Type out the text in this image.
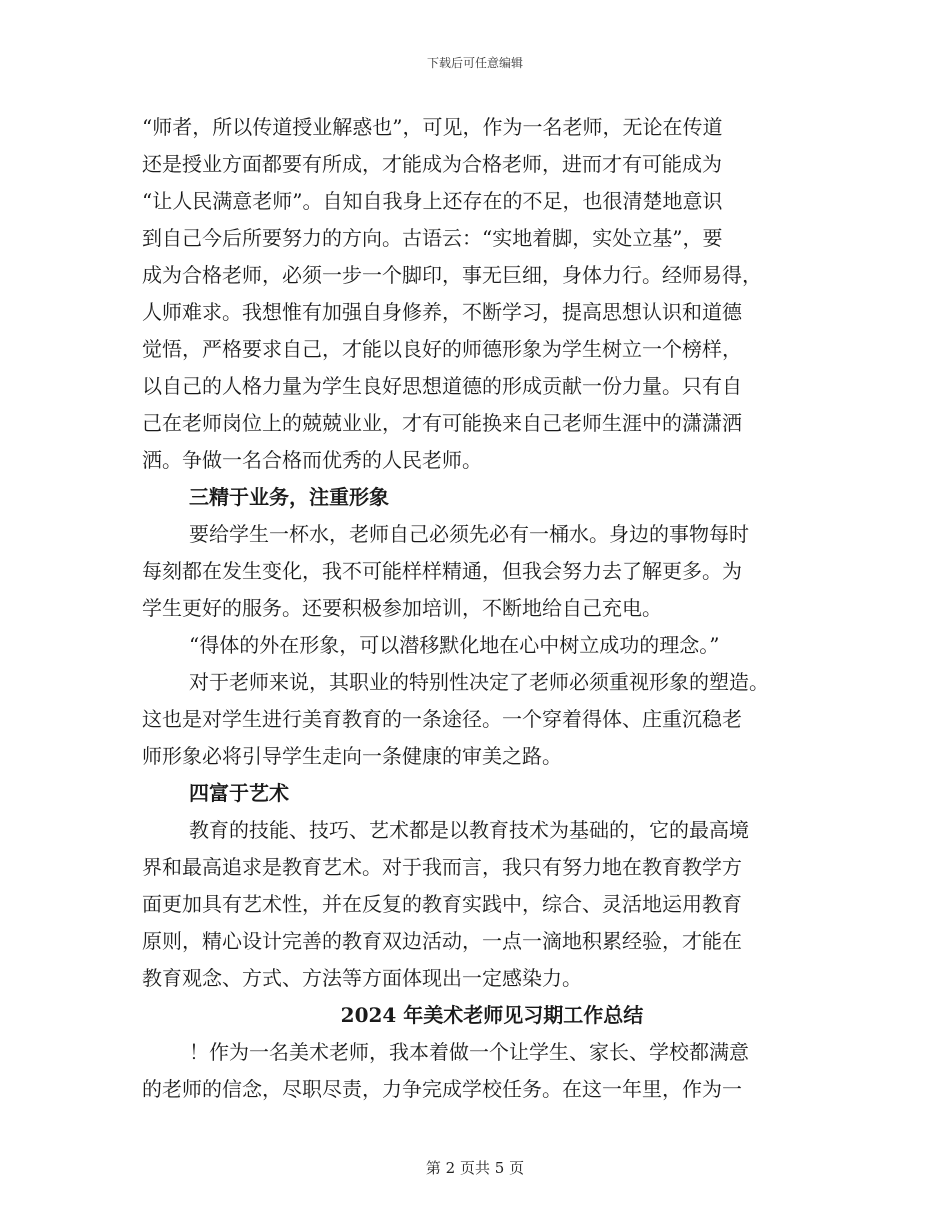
下载后可任意编辑
“师者，所以传道授业解惑也”，可见，作为一名老师，无论在传道
还是授业方面都要有所成，才能成为合格老师，进而才有可能成为
“让人民满意老师”。自知自我身上还存在的不足，也很清楚地意识
到自己今后所要努力的方向。古语云：“实地着脚，实处立基”，要
成为合格老师，必须一步一个脚印，事无巨细，身体力行。经师易得，
人师难求。我想惟有加强自身修养，不断学习，提高思想认识和道德
觉悟，严格要求自己，才能以良好的师德形象为学生树立一个榜样，
以自己的人格力量为学生良好思想道德的形成贡献一份力量。只有自
己在老师岗位上的兢兢业业，才有可能换来自己老师生涯中的潇潇洒
洒。争做一名合格而优秀的人民老师。
三精于业务，注重形象
要给学生一杯水，老师自己必须先必有一桶水。身边的事物每时
每刻都在发生变化，我不可能样样精通，但我会努力去了解更多。为
学生更好的服务。还要积极参加培训，不断地给自己充电。
“得体的外在形象，可以潜移默化地在心中树立成功的理念。”
对于老师来说，其职业的特别性决定了老师必须重视形象的塑造。
这也是对学生进行美育教育的一条途径。一个穿着得体、庄重沉稳老
师形象必将引导学生走向一条健康的审美之路。
四富于艺术
教育的技能、技巧、艺术都是以教育技术为基础的，它的最高境
界和最高追求是教育艺术。对于我而言，我只有努力地在教育教学方
面更加具有艺术性，并在反复的教育实践中，综合、灵活地运用教育
原则，精心设计完善的教育双边活动，一点一滴地积累经验，才能在
教育观念、方式、方法等方面体现出一定感染力。
2024 年美术老师见习期工作总结
！作为一名美术老师，我本着做一个让学生、家长、学校都满意
的老师的信念，尽职尽责，力争完成学校任务。在这一年里，作为一
第 2 页共 5 页
